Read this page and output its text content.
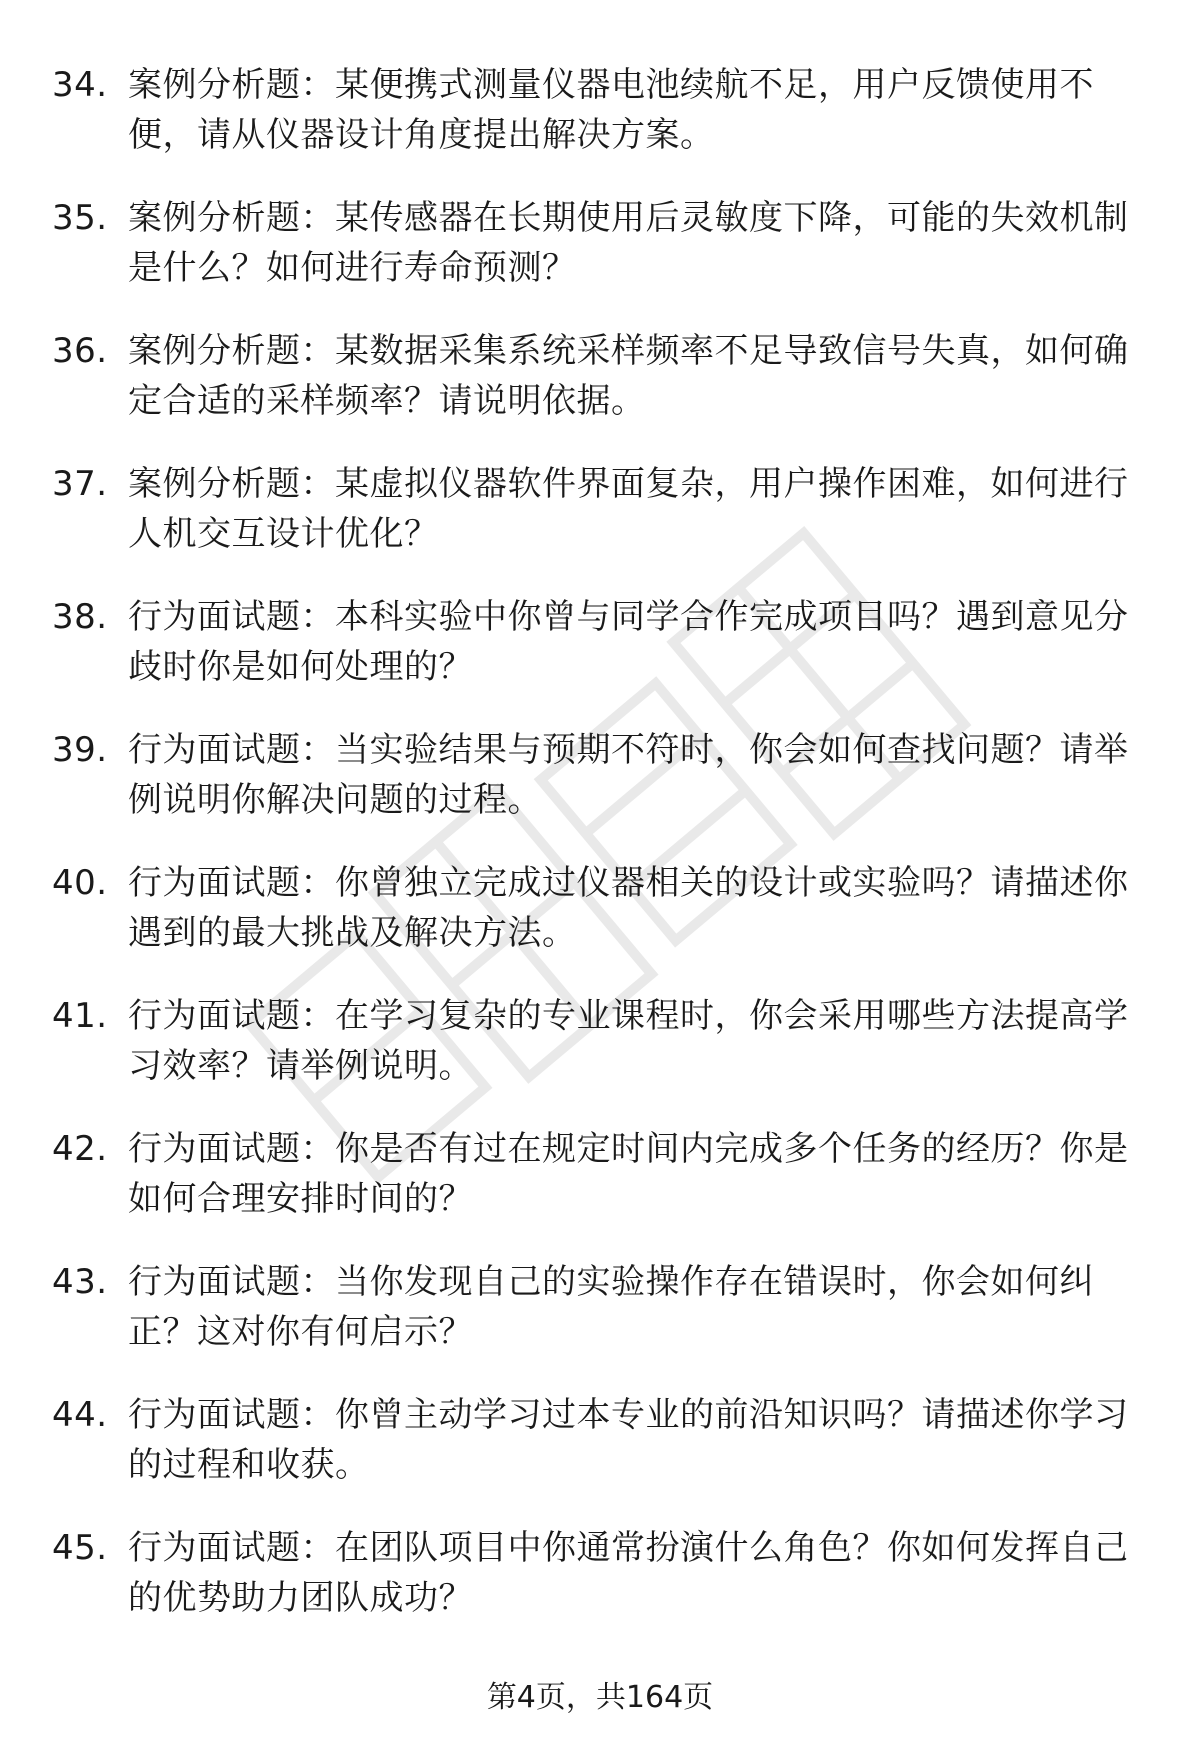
34. 案例分析题：某便携式测量仪器电池续航不足，用户反馈使用不便，请从仪器设计角度提出解决方案。
35. 案例分析题：某传感器在长期使用后灵敏度下降，可能的失效机制是什么？如何进行寿命预测？
36. 案例分析题：某数据采集系统采样频率不足导致信号失真，如何确定合适的采样频率？请说明依据。
37. 案例分析题：某虚拟仪器软件界面复杂，用户操作困难，如何进行人机交互设计优化？
38. 行为面试题：本科实验中你曾与同学合作完成项目吗？遇到意见分歧时你是如何处理的？
39. 行为面试题：当实验结果与预期不符时，你会如何查找问题？请举例说明你解决问题的过程。
40. 行为面试题：你曾独立完成过仪器相关的设计或实验吗？请描述你遇到的最大挑战及解决方法。
41. 行为面试题：在学习复杂的专业课程时，你会采用哪些方法提高学习效率？请举例说明。
42. 行为面试题：你是否有过在规定时间内完成多个任务的经历？你是如何合理安排时间的？
43. 行为面试题：当你发现自己的实验操作存在错误时，你会如何纠正？这对你有何启示？
44. 行为面试题：你曾主动学习过本专业的前沿知识吗？请描述你学习的过程和收获。
45. 行为面试题：在团队项目中你通常扮演什么角色？你如何发挥自己的优势助力团队成功？
第4页，共164页
